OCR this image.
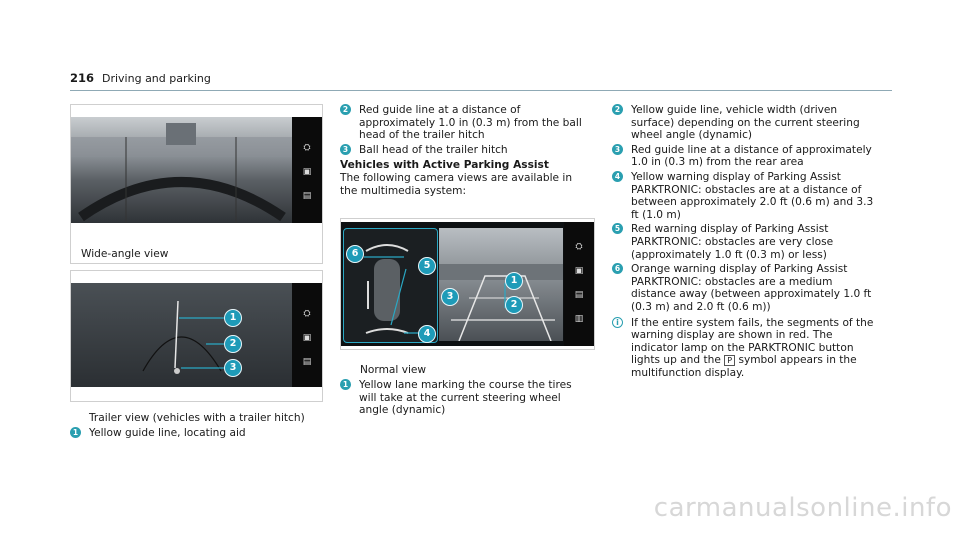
216 Driving and parking
⛭
▣
▤
Wide-angle view
1
2
3
⛭
▣
▤
Trailer view (vehicles with a trailer hitch)
1 Yellow guide line, locating aid
2 Red guide line at a distance of approximately 1.0 in (0.3 m) from the ball head of the trailer hitch
3 Ball head of the trailer hitch
Vehicles with Active Parking Assist
The following camera views are available in the multimedia system:
6
5
4
1
2
3
⛭
▣
▤
▥
Normal view
1 Yellow lane marking the course the tires will take at the current steering wheel angle (dynamic)
2 Yellow guide line, vehicle width (driven surface) depending on the current steering wheel angle (dynamic)
3 Red guide line at a distance of approximately 1.0 in (0.3 m) from the rear area
4 Yellow warning display of Parking Assist PARKTRONIC: obstacles are at a distance of between approximately 2.0 ft (0.6 m) and 3.3 ft (1.0 m)
5 Red warning display of Parking Assist PARKTRONIC: obstacles are very close (approximately 1.0 ft (0.3 m) or less)
6 Orange warning display of Parking Assist PARKTRONIC: obstacles are a medium distance away (between approximately 1.0 ft (0.3 m) and 2.0 ft (0.6 m))
i	If the entire system fails, the segments of the warning display are shown in red. The indicator lamp on the PARKTRONIC button lights up and the P symbol appears in the multifunction display.
carmanualsonline.info
